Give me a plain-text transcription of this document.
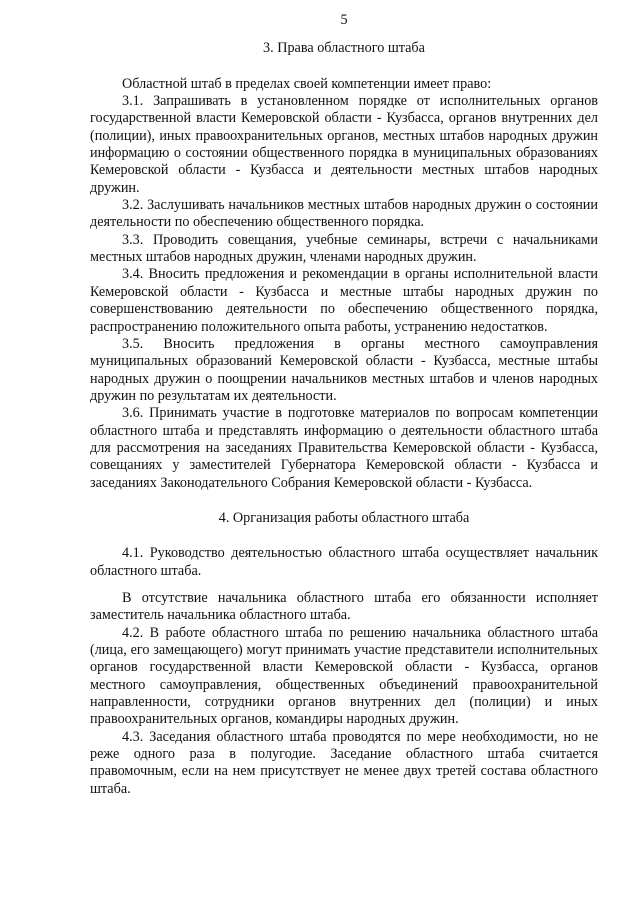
5
3. Права областного штаба

Областной штаб в пределах своей компетенции имеет право:

3.1. Запрашивать в установленном порядке от исполнительных органов государственной власти Кемеровской области - Кузбасса, органов внутренних дел (полиции), иных правоохранительных органов, местных штабов народных дружин информацию о состоянии общественного порядка в муниципальных образованиях Кемеровской области - Кузбасса и деятельности местных штабов народных дружин.

3.2. Заслушивать начальников местных штабов народных дружин о состоянии деятельности по обеспечению общественного порядка.

3.3. Проводить совещания, учебные семинары, встречи с начальниками местных штабов народных дружин, членами народных дружин.

3.4. Вносить предложения и рекомендации в органы исполнительной власти Кемеровской области - Кузбасса и местные штабы народных дружин по совершенствованию деятельности по обеспечению общественного порядка, распространению положительного опыта работы, устранению недостатков.

3.5. Вносить предложения в органы местного самоуправления муниципальных образований Кемеровской области - Кузбасса, местные штабы народных дружин о поощрении начальников местных штабов и членов народных дружин по результатам их деятельности.

3.6. Принимать участие в подготовке материалов по вопросам компетенции областного штаба и представлять информацию о деятельности областного штаба для рассмотрения на заседаниях Правительства Кемеровской области - Кузбасса, совещаниях у заместителей Губернатора Кемеровской области - Кузбасса и заседаниях Законодательного Собрания Кемеровской области - Кузбасса.

4. Организация работы областного штаба

4.1. Руководство деятельностью областного штаба осуществляет начальник областного штаба.

В отсутствие начальника областного штаба его обязанности исполняет заместитель начальника областного штаба.

4.2. В работе областного штаба по решению начальника областного штаба (лица, его замещающего) могут принимать участие представители исполнительных органов государственной власти Кемеровской области - Кузбасса, органов местного самоуправления, общественных объединений правоохранительной направленности, сотрудники органов внутренних дел (полиции) и иных правоохранительных органов, командиры народных дружин.

4.3. Заседания областного штаба проводятся по мере необходимости, но не реже одного раза в полугодие. Заседание областного штаба считается правомочным, если на нем присутствует не менее двух третей состава областного штаба.
